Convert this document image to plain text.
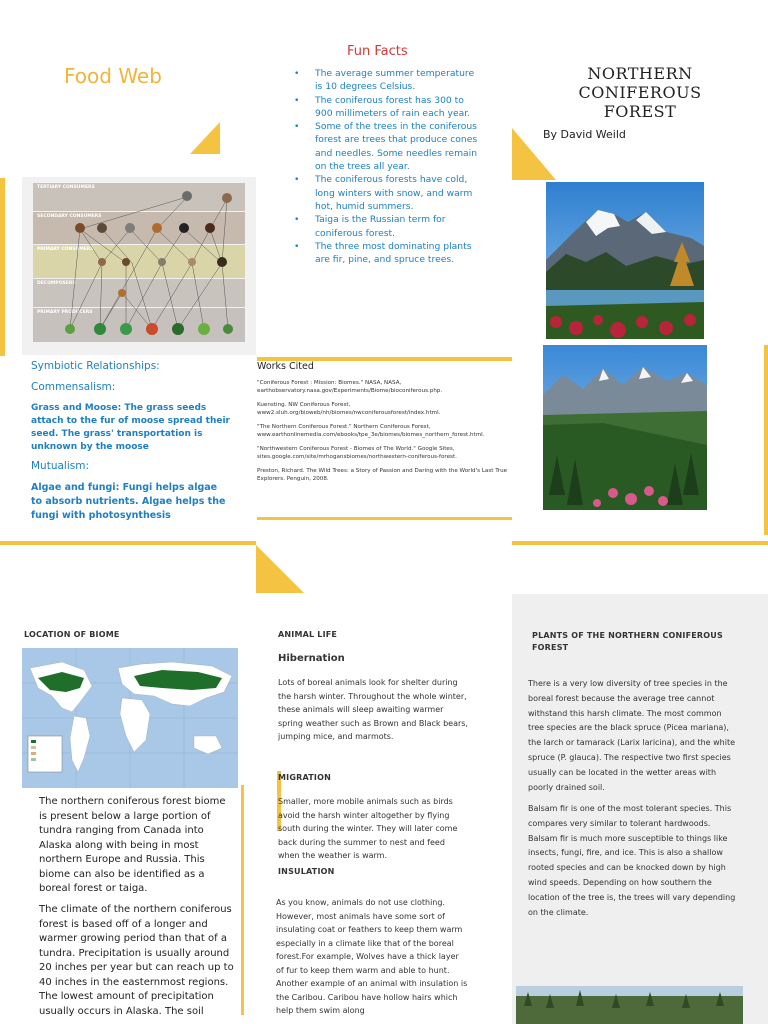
Food Web
TERTIARY CONSUMERS
SECONDARY CONSUMERS
PRIMARY CONSUMERS
DECOMPOSERS
PRIMARY PRODUCERS
Fun Facts
• The average summer temperature is 10 degrees Celsius.
• The coniferous forest has 300 to 900 millimeters of rain each year.
• Some of the trees in the coniferous forest are trees that produce cones and needles. Some needles remain on the trees all year.
• The coniferous forests have cold, long winters with snow, and warm hot, humid summers.
• Taiga is the Russian term for coniferous forest.
• The three most dominating plants are fir, pine, and spruce trees.
NORTHERN
CONIFEROUS
FOREST
By David Weild
Symbiotic Relationships:
Commensalism:
Grass and Moose: The grass seeds attach to the fur of moose spread their seed. The grass' transportation is unknown by the moose
Mutualism:
Algae and fungi: Fungi helps algae to absorb nutrients. Algae helps the fungi with photosynthesis
Works Cited
"Coniferous Forest : Mission: Biomes." NASA, NASA, earthobservatory.nasa.gov/Experiments/Biome/bioconiferous.php.
Kuensting. NW Coniferous Forest, www2.sluh.org/bioweb/nh/biomes/nwconiferousforest/index.html.
"The Northern Coniferous Forest." Northern Coniferous Forest, www.earthonlinemedia.com/ebooks/tpe_3e/biomes/biomes_northern_forest.html.
"Northwestern Coniferous Forest - Biomes of The World." Google Sites, sites.google.com/site/mrhogansbiomes/northwestern-coniferous-forest.
Preston, Richard. The Wild Trees: a Story of Passion and Daring with the World's Last True Explorers. Penguin, 2008.
LOCATION OF BIOME
The northern coniferous forest biome is present below a large portion of tundra ranging from Canada into Alaska along with being in most northern Europe and Russia. This biome can also be identified as a boreal forest or taiga.
The climate of the northern coniferous forest is based off of a longer and warmer growing period than that of a tundra. Precipitation is usually around 20 inches per year but can reach up to 40 inches in the easternmost regions. The lowest amount of precipitation usually occurs in Alaska. The soil
ANIMAL LIFE
Hibernation
Lots of boreal animals look for shelter during the harsh winter. Throughout the whole winter, these animals will sleep awaiting warmer spring weather such as Brown and Black bears, jumping mice, and marmots.
MIGRATION
Smaller, more mobile animals such as birds avoid the harsh winter altogether by flying south during the winter. They will later come back during the summer to nest and feed when the weather is warm.
INSULATION
As you know, animals do not use clothing. However, most animals have some sort of insulating coat or feathers to keep them warm especially in a climate like that of the boreal forest.For example, Wolves have a thick layer of fur to keep them warm and able to hunt. Another example of an animal with insulation is the Caribou. Caribou have hollow hairs which help them swim along
PLANTS OF THE NORTHERN CONIFEROUS FOREST
There is a very low diversity of tree species in the boreal forest because the average tree cannot withstand this harsh climate. The most common tree species are the black spruce (Picea mariana), the larch or tamarack (Larix laricina), and the white spruce (P. glauca). The respective two first species usually can be located in the wetter areas with poorly drained soil.
Balsam fir is one of the most tolerant species. This compares very similar to tolerant hardwoods. Balsam fir is much more susceptible to things like insects, fungi, fire, and ice. This is also a shallow rooted species and can be knocked down by high wind speeds. Depending on how southern the location of the tree is, the trees will vary depending on the climate.
